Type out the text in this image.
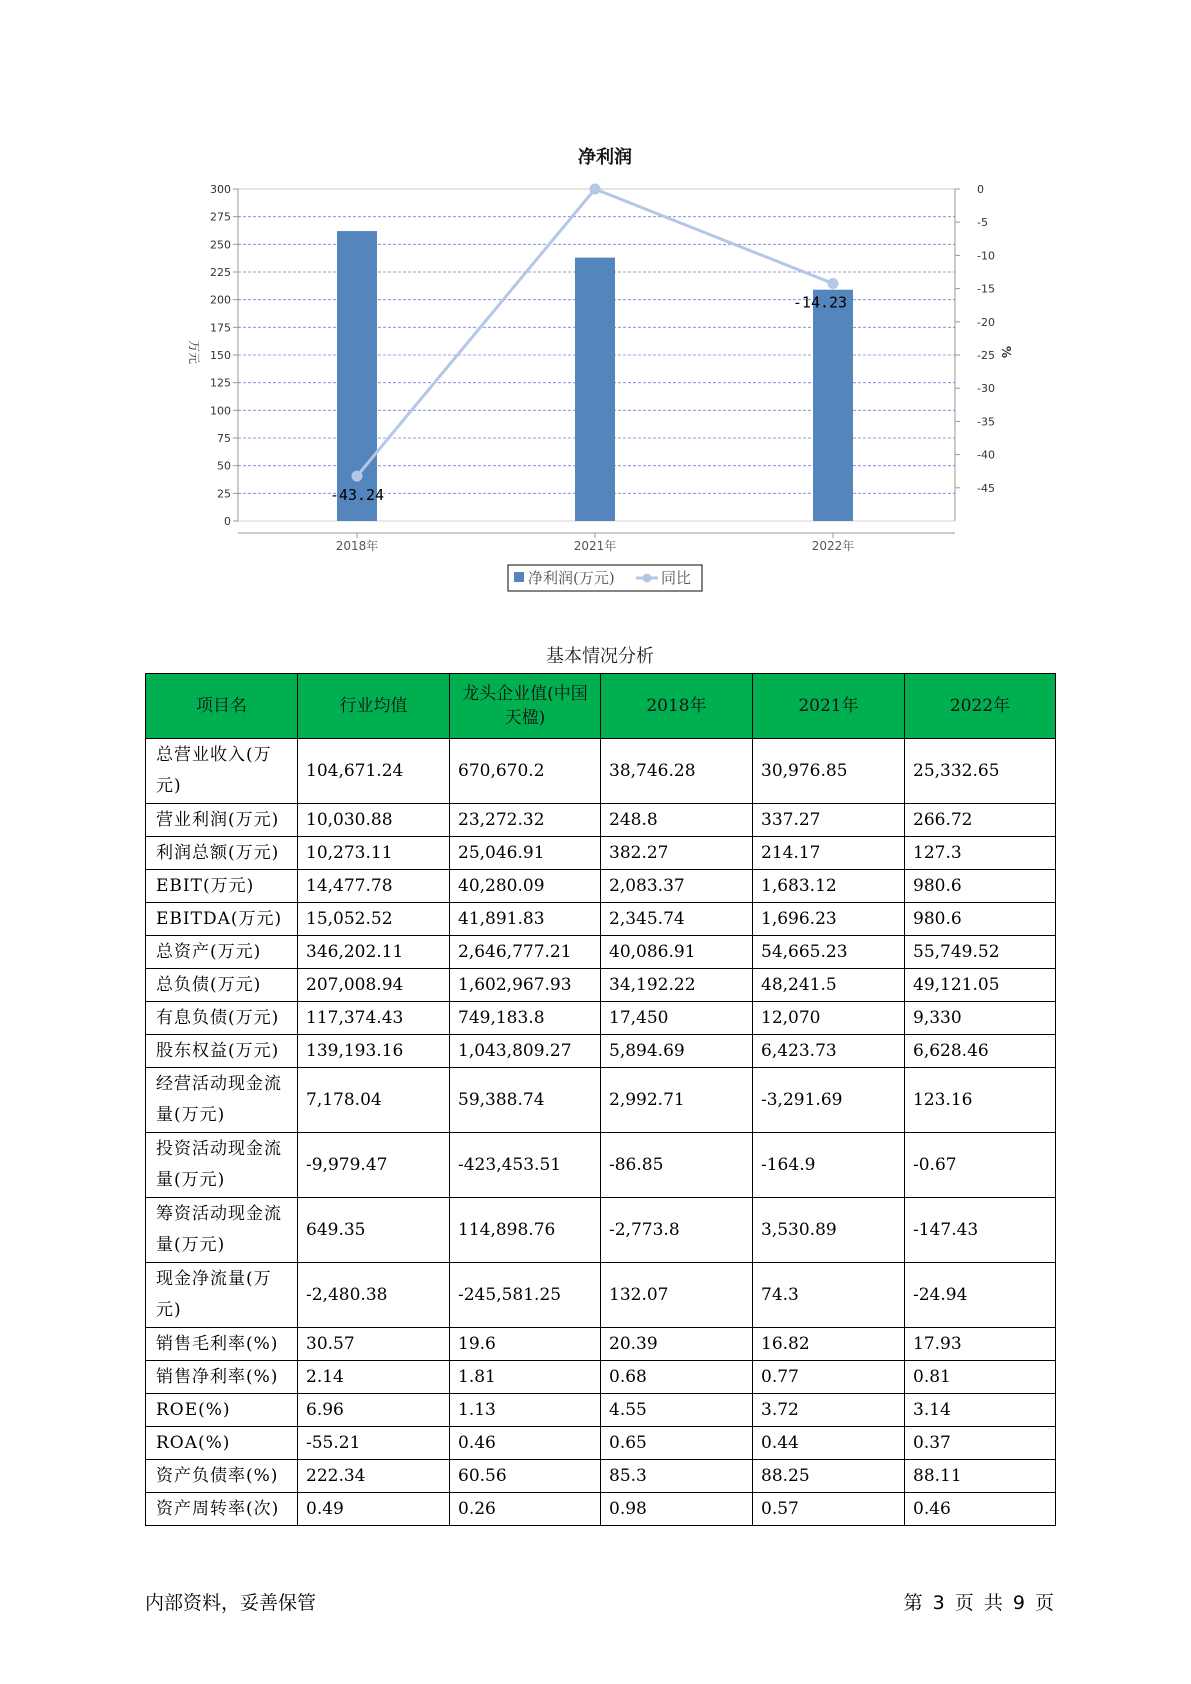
净利润
0
25
50
75
100
125
150
175
200
225
250
275
300	0
-5
-10
-15
-20
-25
-30
-35
-40
-45
万元	%
2018年	2021年	2022年
-43.24
-14.23
净利润(万元)	同比
基本情况分析
项目名	行业均值	龙头企业值(中国天楹)	2018年	2021年	2022年
总营业收入(万元)	104,671.24	670,670.2	38,746.28	30,976.85	25,332.65
营业利润(万元)	10,030.88	23,272.32	248.8	337.27	266.72
利润总额(万元)	10,273.11	25,046.91	382.27	214.17	127.3
EBIT(万元)	14,477.78	40,280.09	2,083.37	1,683.12	980.6
EBITDA(万元)	15,052.52	41,891.83	2,345.74	1,696.23	980.6
总资产(万元)	346,202.11	2,646,777.21	40,086.91	54,665.23	55,749.52
总负债(万元)	207,008.94	1,602,967.93	34,192.22	48,241.5	49,121.05
有息负债(万元)	117,374.43	749,183.8	17,450	12,070	9,330
股东权益(万元)	139,193.16	1,043,809.27	5,894.69	6,423.73	6,628.46
经营活动现金流量(万元)	7,178.04	59,388.74	2,992.71	-3,291.69	123.16
投资活动现金流量(万元)	-9,979.47	-423,453.51	-86.85	-164.9	-0.67
筹资活动现金流量(万元)	649.35	114,898.76	-2,773.8	3,530.89	-147.43
现金净流量(万元)	-2,480.38	-245,581.25	132.07	74.3	-24.94
销售毛利率(%)	30.57	19.6	20.39	16.82	17.93
销售净利率(%)	2.14	1.81	0.68	0.77	0.81
ROE(%)	6.96	1.13	4.55	3.72	3.14
ROA(%)	-55.21	0.46	0.65	0.44	0.37
资产负债率(%)	222.34	60.56	85.3	88.25	88.11
资产周转率(次)	0.49	0.26	0.98	0.57	0.46
内部资料，妥善保管	第 3 页 共 9 页
